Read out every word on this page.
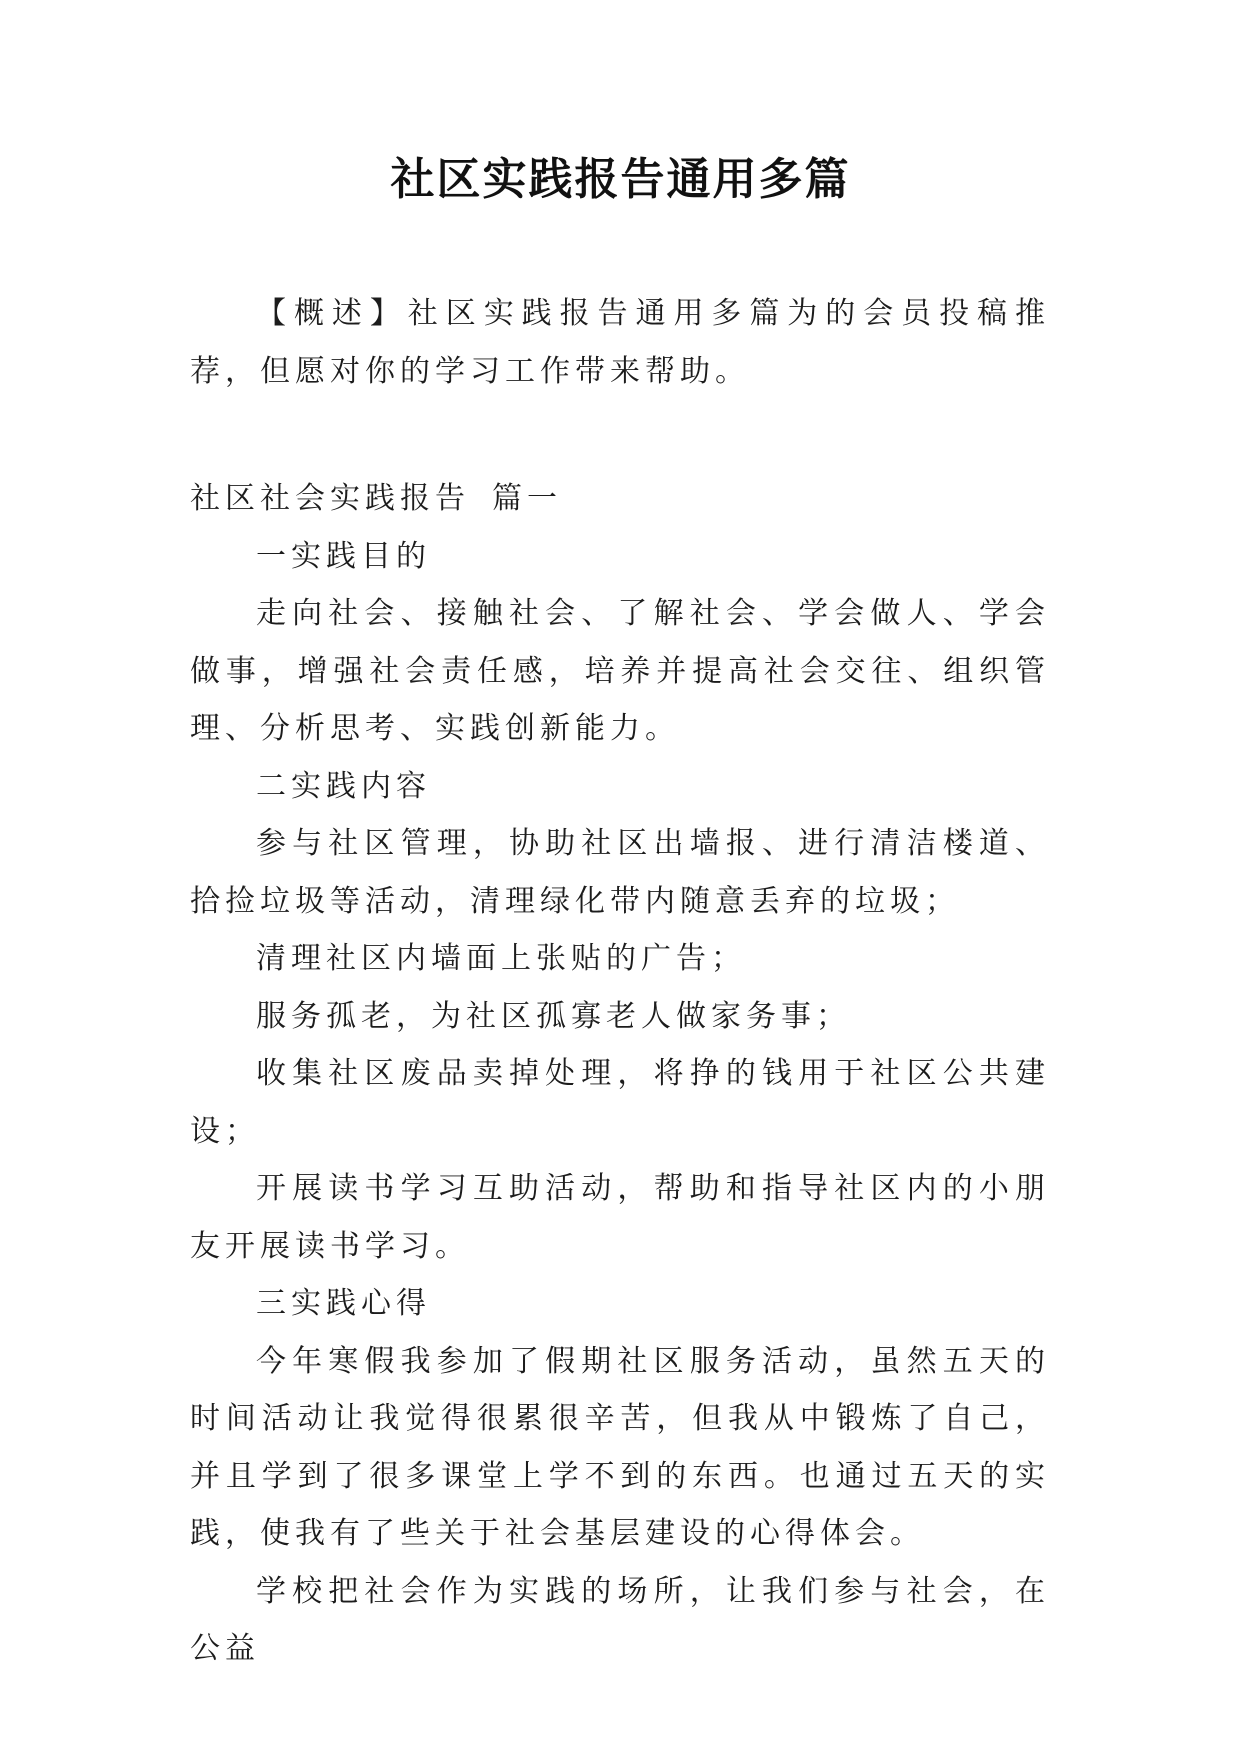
社区实践报告通用多篇

【概述】社区实践报告通用多篇为的会员投稿推荐，但愿对你的学习工作带来帮助。

社区社会实践报告 篇一

一实践目的

走向社会、接触社会、了解社会、学会做人、学会做事，增强社会责任感，培养并提高社会交往、组织管理、分析思考、实践创新能力。

二实践内容

参与社区管理，协助社区出墙报、进行清洁楼道、拾捡垃圾等活动，清理绿化带内随意丢弃的垃圾；

清理社区内墙面上张贴的广告；

服务孤老，为社区孤寡老人做家务事；

收集社区废品卖掉处理，将挣的钱用于社区公共建设；

开展读书学习互助活动，帮助和指导社区内的小朋友开展读书学习。

三实践心得

今年寒假我参加了假期社区服务活动，虽然五天的时间活动让我觉得很累很辛苦，但我从中锻炼了自己，并且学到了很多课堂上学不到的东西。也通过五天的实践，使我有了些关于社会基层建设的心得体会。

学校把社会作为实践的场所，让我们参与社会，在公益
